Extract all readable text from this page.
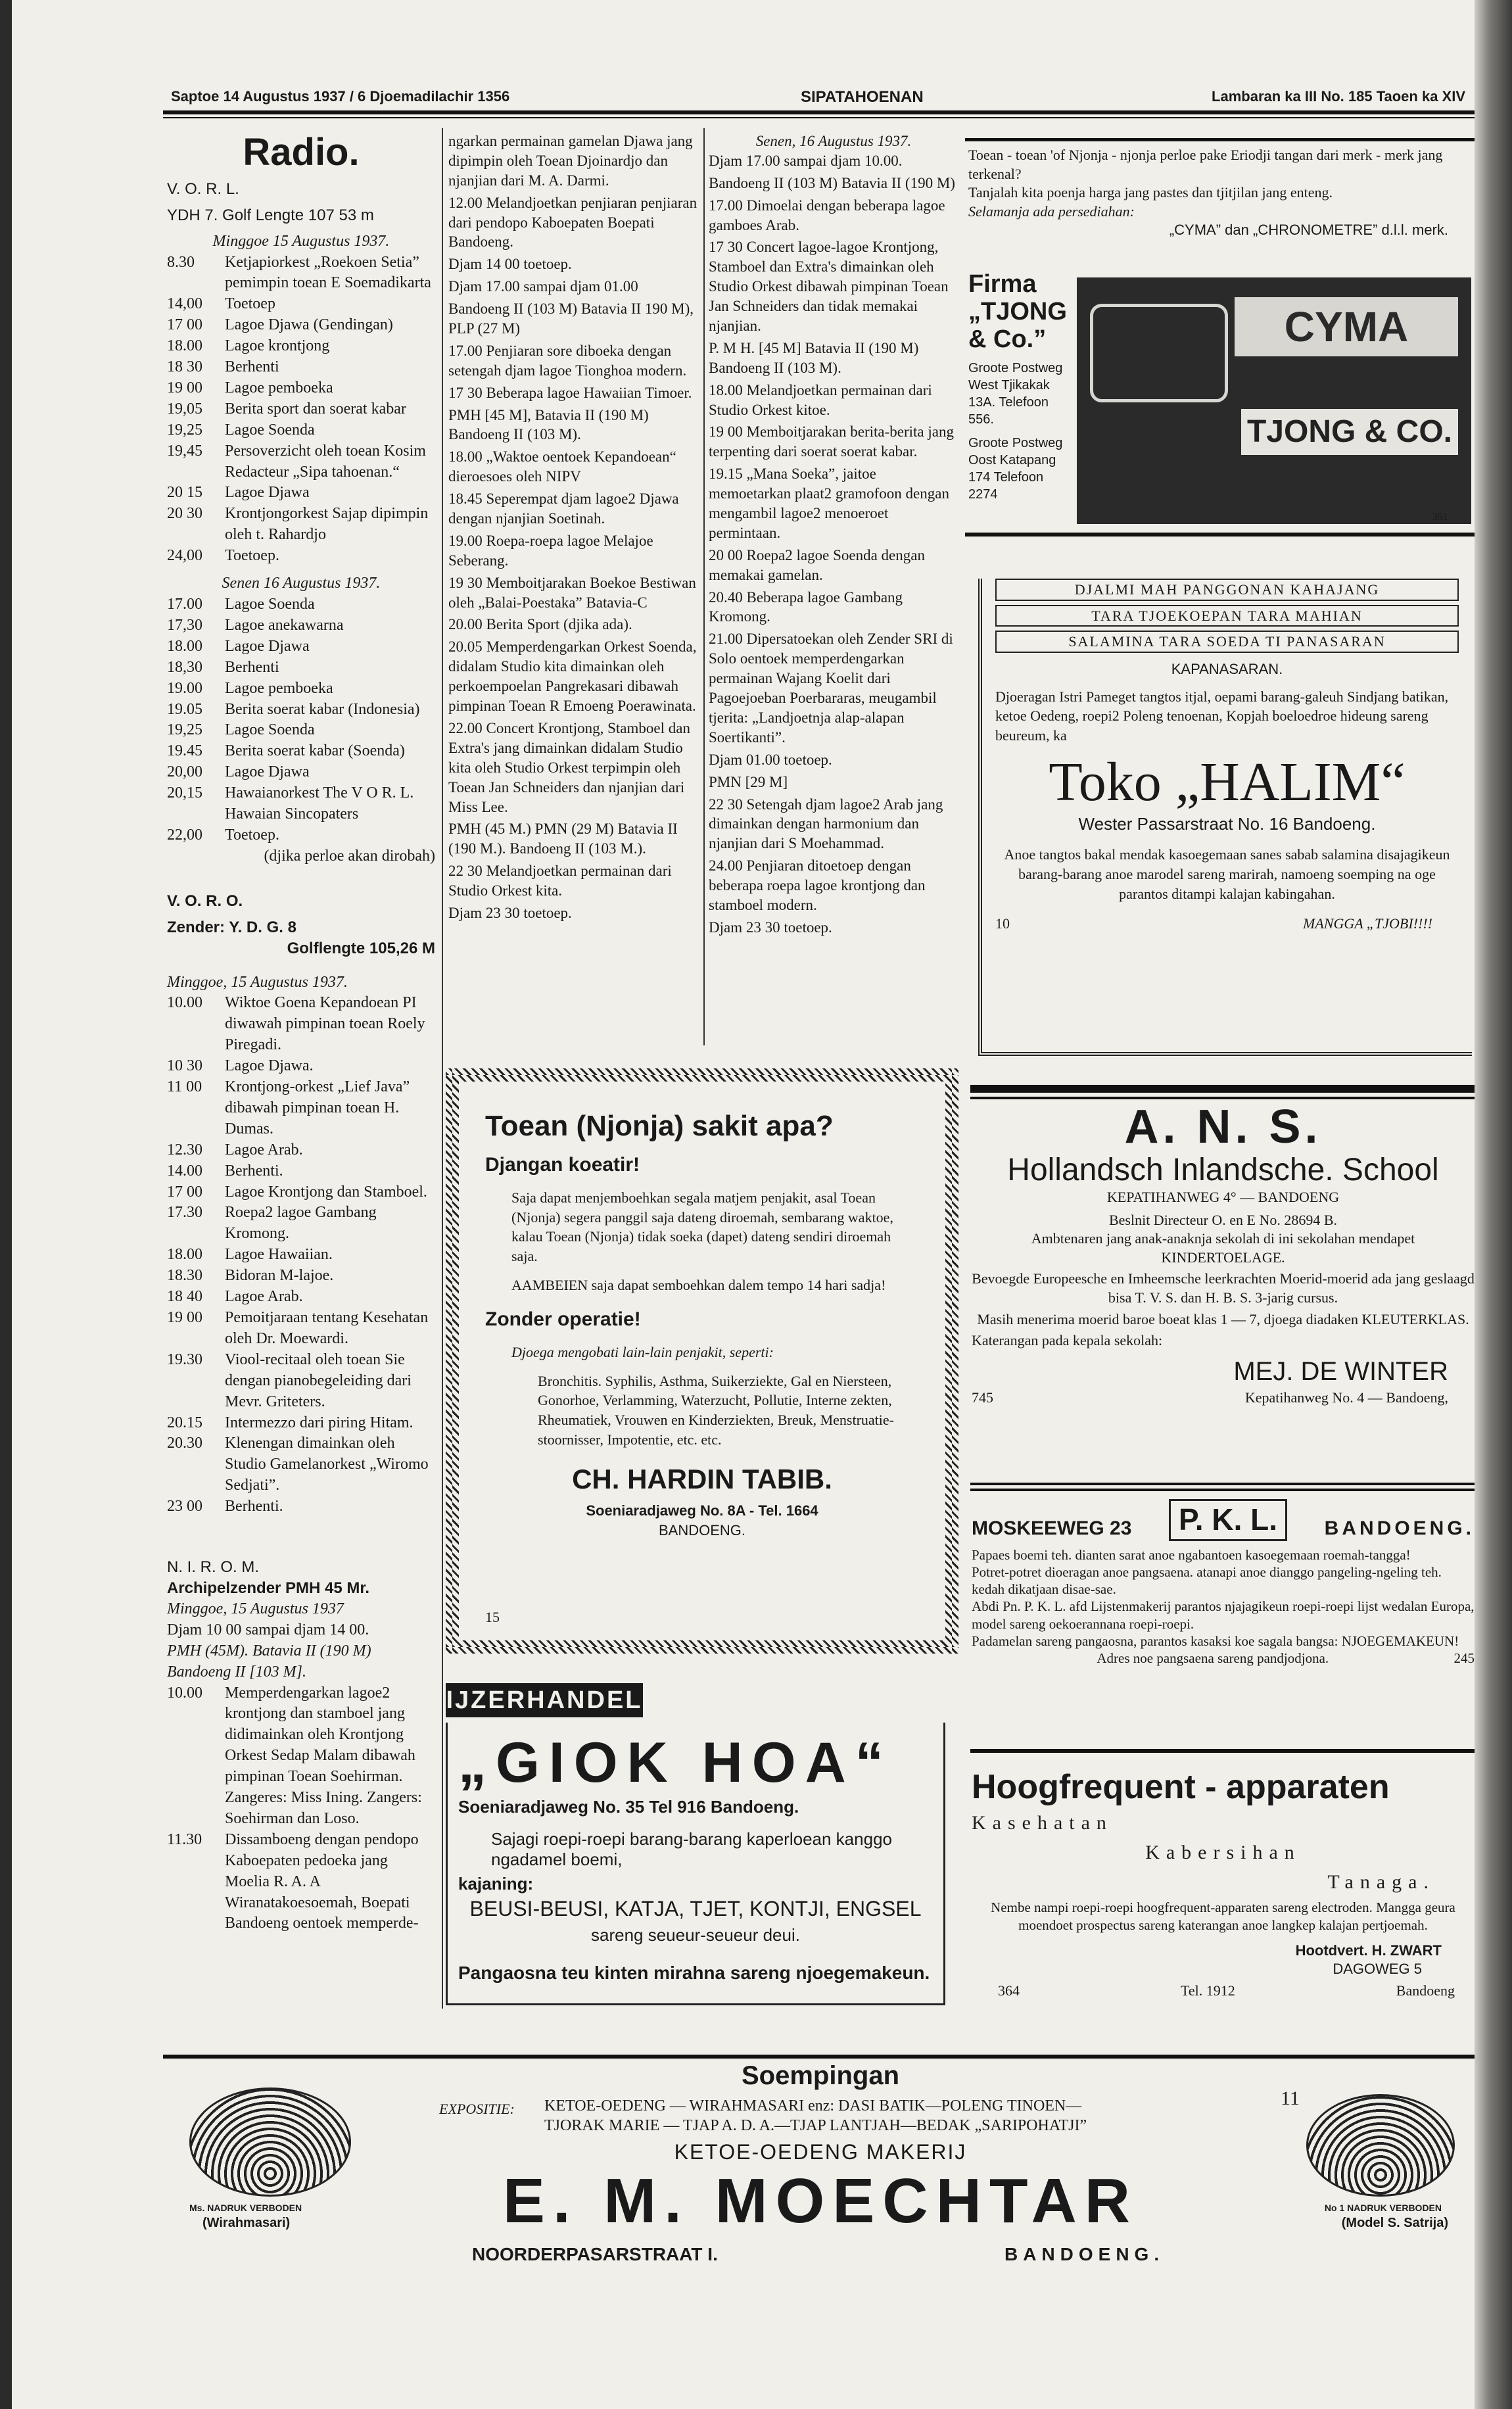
Saptoe 14 Augustus 1937 / 6 Djoemadilachir 1356	SIPATAHOENAN	Lambaran ka III No. 185 Taoen ka XIV

Radio.

V. O. R. L.

YDH 7. Golf Lengte 107 53 m

Minggoe 15 Augustus 1937.

8.30	Ketjapiorkest „Roekoen Setia” pemimpin toean E Soemadikarta
14,00	Toetoep
17 00	Lagoe Djawa (Gendingan)
18.00	Lagoe krontjong
18 30	Berhenti
19 00	Lagoe pemboeka
19,05	Berita sport dan soerat kabar
19,25	Lagoe Soenda
19,45	Persoverzicht oleh toean Kosim Redacteur „Sipa tahoenan.“
20 15	Lagoe Djawa
20 30	Krontjongorkest Sajap dipimpin oleh t. Rahardjo
24,00	Toetoep.

Senen 16 Augustus 1937.

17.00	Lagoe Soenda
17,30	Lagoe anekawarna
18.00	Lagoe Djawa
18,30	Berhenti
19.00	Lagoe pemboeka
19.05	Berita soerat kabar (Indonesia)
19,25	Lagoe Soenda
19.45	Berita soerat kabar (Soenda)
20,00	Lagoe Djawa
20,15	Hawaianorkest The V O R. L. Hawaian Sincopaters
22,00	Toetoep.

(djika perloe akan dirobah)

V. O. R. O.

Zender: Y. D. G. 8

Golflengte 105,26 M

Minggoe, 15 Augustus 1937.

10.00	Wiktoe Goena Kepandoean PI diwawah pimpinan toean Roely Piregadi.
10 30	Lagoe Djawa.
11 00	Krontjong-orkest „Lief Java” dibawah pimpinan toean H. Dumas.
12.30	Lagoe Arab.
14.00	Berhenti.
17 00	Lagoe Krontjong dan Stamboel.
17.30	Roepa2 lagoe Gambang Kromong.
18.00	Lagoe Hawaiian.
18.30	Bidoran M-lajoe.
18 40	Lagoe Arab.
19 00	Pemoitjaraan tentang Kesehatan oleh Dr. Moewardi.
19.30	Viool-recitaal oleh toean Sie dengan pianobegeleiding dari Mevr. Griteters.
20.15	Intermezzo dari piring Hitam.
20.30	Klenengan dimainkan oleh Studio Gamelanorkest „Wiromo Sedjati”.
23 00	Berhenti.

N. I. R. O. M.

Archipelzender PMH 45 Mr.

Minggoe, 15 Augustus 1937

Djam 10 00 sampai djam 14 00.

PMH (45M). Batavia II (190 M) Bandoeng II [103 M].

10.00	Memperdengarkan lagoe2 krontjong dan stamboel jang didimainkan oleh Krontjong Orkest Sedap Malam dibawah pimpinan Toean Soehirman. Zangeres: Miss Ining. Zangers: Soehirman dan Loso.
11.30	Dissamboeng dengan pendopo Kaboepaten pedoeka jang Moelia R. A. A Wiranatakoesoemah, Boepati Bandoeng oentoek memperde-

ngarkan permainan gamelan Djawa jang dipimpin oleh Toean Djoinardjo dan njanjian dari M. A. Darmi.

12.00 Melandjoetkan penjiaran penjiaran dari pendopo Kaboepaten Boepati Bandoeng.

Djam 14 00 toetoep.

Djam 17.00 sampai djam 01.00

Bandoeng II (103 M) Batavia II 190 M), PLP (27 M)

17.00 Penjiaran sore diboeka dengan setengah djam lagoe Tionghoa modern.

17 30 Beberapa lagoe Hawaiian Timoer.

PMH [45 M], Batavia II (190 M) Bandoeng II (103 M).

18.00 „Waktoe oentoek Kepandoean“ dieroesoes oleh NIPV

18.45 Seperempat djam lagoe2 Djawa dengan njanjian Soetinah.

19.00 Roepa-roepa lagoe Melajoe Seberang.

19 30 Memboitjarakan Boekoe Bestiwan oleh „Balai-Poestaka” Batavia-C

20.00 Berita Sport (djika ada).

20.05 Memperdengarkan Orkest Soenda, didalam Studio kita dimainkan oleh perkoempoelan Pangrekasari dibawah pimpinan Toean R Emoeng Poerawinata.

22.00 Concert Krontjong, Stamboel dan Extra's jang dimainkan didalam Studio kita oleh Studio Orkest terpimpin oleh Toean Jan Schneiders dan njanjian dari Miss Lee.

PMH (45 M.) PMN (29 M) Batavia II (190 M.). Bandoeng II (103 M.).

22 30 Melandjoetkan permainan dari Studio Orkest kita.

Djam 23 30 toetoep.

Senen, 16 Augustus 1937.

Djam 17.00 sampai djam 10.00.

Bandoeng II (103 M) Batavia II (190 M)

17.00 Dimoelai dengan beberapa lagoe gamboes Arab.

17 30 Concert lagoe-lagoe Krontjong, Stamboel dan Extra's dimainkan oleh Studio Orkest dibawah pimpinan Toean Jan Schneiders dan tidak memakai njanjian.

P. M H. [45 M] Batavia II (190 M) Bandoeng II (103 M).

18.00 Melandjoetkan permainan dari Studio Orkest kitoe.

19 00 Memboitjarakan berita-berita jang terpenting dari soerat soerat kabar.

19.15 „Mana Soeka”, jaitoe memoetarkan plaat2 gramofoon dengan mengambil lagoe2 menoeroet permintaan.

20 00 Roepa2 lagoe Soenda dengan memakai gamelan.

20.40 Beberapa lagoe Gambang Kromong.

21.00 Dipersatoekan oleh Zender SRI di Solo oentoek memperdengarkan permainan Wajang Koelit dari Pagoejoeban Poerbararas, meugambil tjerita: „Landjoetnja alap-alapan Soertikanti”.

Djam 01.00 toetoep.

PMN [29 M]

22 30 Setengah djam lagoe2 Arab jang dimainkan dengan harmonium dan njanjian dari S Moehammad.

24.00 Penjiaran ditoetoep dengan beberapa roepa lagoe krontjong dan stamboel modern.

Djam 23 30 toetoep.

Toean (Njonja) sakit apa?

Djangan koeatir!

Saja dapat menjemboehkan segala matjem penjakit, asal Toean (Njonja) segera panggil saja dateng diroemah, sembarang waktoe, kalau Toean (Njonja) tidak soeka (dapet) dateng sendiri diroemah saja.

AAMBEIEN saja dapat semboehkan dalem tempo 14 hari sadja!

Zonder operatie!

Djoega mengobati lain-lain penjakit, seperti:

Bronchitis. Syphilis, Asthma, Suikerziekte, Gal en Niersteen, Gonorhoe, Verlamming, Waterzucht, Pollutie, Interne zekten, Rheumatiek, Vrouwen en Kinderziekten, Breuk, Menstruatie-stoornisser, Impotentie, etc. etc.

CH. HARDIN TABIB.

Soeniaradjaweg No. 8A - Tel. 1664

BANDOENG.

15

IJZERHANDEL

„GIOK HOA“

Soeniaradjaweg No. 35 Tel 916 Bandoeng.

Sajagi roepi-roepi barang-barang kaperloean kanggo ngadamel boemi,

kajaning:

BEUSI-BEUSI, KATJA, TJET, KONTJI, ENGSEL

sareng seueur-seueur deui.

Pangaosna teu kinten mirahna sareng njoegemakeun.

Toean - toean 'of Njonja - njonja perloe pake Eriodji tangan dari merk - merk jang terkenal?

Tanjalah kita poenja harga jang pastes dan tjitjilan jang enteng.

Selamanja ada persediahan:

„CYMA” dan „CHRONOMETRE” d.l.l. merk.

Firma „TJONG & Co.”

Groote Postweg West Tjikakak 13A. Telefoon 556.

Groote Postweg Oost Katapang 174 Telefoon 2274

CYMA
TJONG & CO.

351

DJALMI MAH PANGGONAN KAHAJANG

TARA TJOEKOEPAN TARA MAHIAN

SALAMINA TARA SOEDA TI PANASARAN

KAPANASARAN.

Djoeragan Istri Pameget tangtos itjal, oepami barang-galeuh Sindjang batikan, ketoe Oedeng, roepi2 Poleng tenoenan, Kopjah boeloedroe hideung sareng beureum, ka

Toko „HALIM“

Wester Passarstraat No. 16 Bandoeng.

Anoe tangtos bakal mendak kasoegemaan sanes sabab salamina disajagikeun barang-barang anoe marodel sareng marirah, namoeng soemping na oge parantos ditampi kalajan kabingahan.

10	MANGGA „TJOBI!!!!

A. N. S.

Hollandsch Inlandsche. School

KEPATIHANWEG 4° — BANDOENG

Beslnit Directeur O. en E No. 28694 B.

Ambtenaren jang anak-anaknja sekolah di ini sekolahan mendapet KINDERTOELAGE.

Bevoegde Europeesche en Imheemsche leerkrachten Moerid-moerid ada jang geslaagd bisa T. V. S. dan H. B. S. 3-jarig cursus.

Masih menerima moerid baroe boeat klas 1 — 7, djoega diadaken KLEUTERKLAS.

Katerangan pada kepala sekolah:

MEJ. DE WINTER

745	Kepatihanweg No. 4 — Bandoeng,
MOSKEEWEG 23	P. K. L.	BANDOENG.

Papaes boemi teh. dianten sarat anoe ngabantoen kasoegemaan roemah-tangga!

Potret-potret dioeragan anoe pangsaena. atanapi anoe dianggo pangeling-ngeling teh. kedah dikatjaan disae-sae.

Abdi Pn. P. K. L. afd Lijstenmakerij parantos njajagikeun roepi-roepi lijst wedalan Europa, model sareng oekoerannana roepi-roepi.

Padamelan sareng pangaosna, parantos kasaksi koe sagala bangsa: NJOEGEMAKEUN!

Adres noe pangsaena sareng pandjodjona.	245

Hoogfrequent - apparaten

Kasehatan

Kabersihan

Tanaga.

Nembe nampi roepi-roepi hoogfrequent-apparaten sareng electroden. Mangga geura moendoet prospectus sareng katerangan anoe langkep kalajan pertjoemah.

Hootdvert. H. ZWART

DAGOWEG 5

364	Tel. 1912	Bandoeng

Ms. NADRUK VERBODEN

(Wirahmasari)

No 1 NADRUK VERBODEN

(Model S. Satrija)

Soempingan

EXPOSITIE: KETOE-OEDENG — WIRAHMASARI enz: DASI BATIK—POLENG TINOEN—

TJORAK MARIE — TJAP A. D. A.—TJAP LANTJAH—BEDAK „SARIPOHATJI”

KETOE-OEDENG MAKERIJ

E. M. MOECHTAR

NOORDERPASARSTRAAT I.	BANDOENG.

11
